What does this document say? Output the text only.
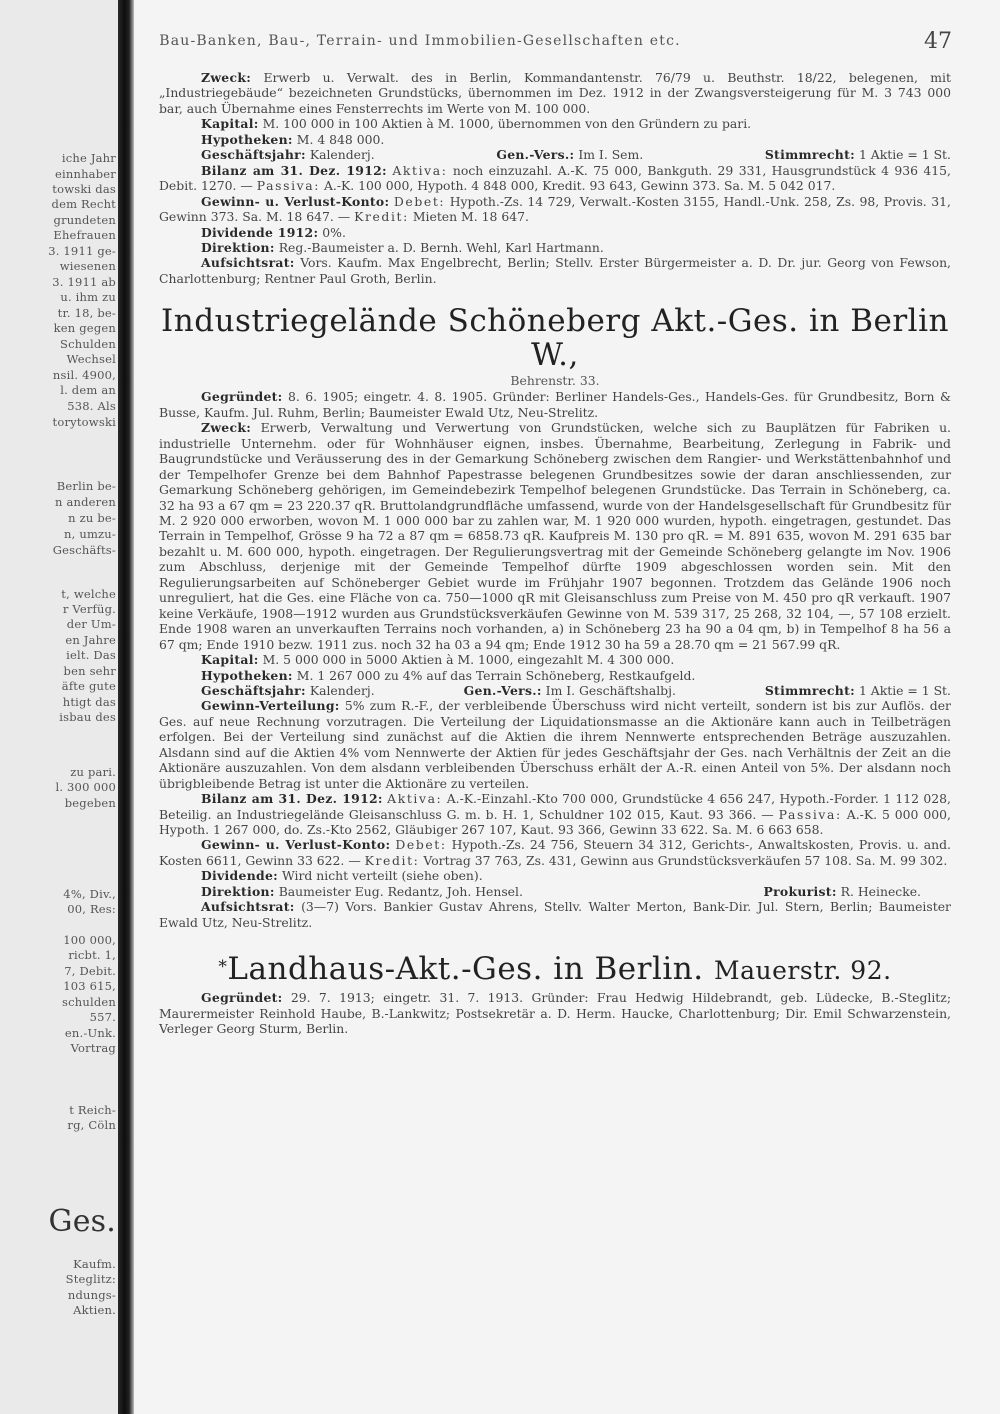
iche Jahr
einnhaber
towski das
dem Recht
grundeten
Ehefrauen
3. 1911 ge-
wiesenen
3. 1911 ab
u. ihm zu
tr. 18, be-
ken gegen
Schulden
Wechsel
nsil. 4900,
l. dem an
538. Als
torytowski
Berlin be-
n anderen
n zu be-
n, umzu-
Geschäfts-
t, welche
r Verfüg.
der Um-
en Jahre
ielt. Das
ben sehr
äfte gute
htigt das
isbau des
zu pari.
l. 300 000
begeben
4%, Div.,
00, Res:
100 000,
ricbt. 1,
7, Debit.
103 615,
schulden
557.
en.-Unk.
Vortrag
t Reich-
rg, Cöln
Ges.
Kaufm.
Steglitz:
ndungs-
Aktien.
Bau-Banken, Bau-, Terrain- und Immobilien-Gesellschaften etc.	47

Zweck: Erwerb u. Verwalt. des in Berlin, Kommandantenstr. 76/79 u. Beuthstr. 18/22, belegenen, mit „Industriegebäude“ bezeichneten Grundstücks, übernommen im Dez. 1912 in der Zwangsversteigerung für M. 3 743 000 bar, auch Übernahme eines Fensterrechts im Werte von M. 100 000.

Kapital: M. 100 000 in 100 Aktien à M. 1000, übernommen von den Gründern zu pari.

Hypotheken: M. 4 848 000.

Geschäftsjahr: Kalenderj.	Gen.-Vers.: Im I. Sem.	Stimmrecht: 1 Aktie = 1 St.

Bilanz am 31. Dez. 1912: Aktiva: noch einzuzahl. A.-K. 75 000, Bankguth. 29 331, Hausgrundstück 4 936 415, Debit. 1270. — Passiva: A.-K. 100 000, Hypoth. 4 848 000, Kredit. 93 643, Gewinn 373. Sa. M. 5 042 017.

Gewinn- u. Verlust-Konto: Debet: Hypoth.-Zs. 14 729, Verwalt.-Kosten 3155, Handl.-Unk. 258, Zs. 98, Provis. 31, Gewinn 373. Sa. M. 18 647. — Kredit: Mieten M. 18 647.

Dividende 1912: 0%.

Direktion: Reg.-Baumeister a. D. Bernh. Wehl, Karl Hartmann.

Aufsichtsrat: Vors. Kaufm. Max Engelbrecht, Berlin; Stellv. Erster Bürgermeister a. D. Dr. jur. Georg von Fewson, Charlottenburg; Rentner Paul Groth, Berlin.

Industriegelände Schöneberg Akt.-Ges. in Berlin W.,
Behrenstr. 33.

Gegründet: 8. 6. 1905; eingetr. 4. 8. 1905. Gründer: Berliner Handels-Ges., Handels-Ges. für Grundbesitz, Born & Busse, Kaufm. Jul. Ruhm, Berlin; Baumeister Ewald Utz, Neu-Strelitz.

Zweck: Erwerb, Verwaltung und Verwertung von Grundstücken, welche sich zu Bauplätzen für Fabriken u. industrielle Unternehm. oder für Wohnhäuser eignen, insbes. Übernahme, Bearbeitung, Zerlegung in Fabrik- und Baugrundstücke und Veräusserung des in der Gemarkung Schöneberg zwischen dem Rangier- und Werkstättenbahnhof und der Tempelhofer Grenze bei dem Bahnhof Papestrasse belegenen Grundbesitzes sowie der daran anschliessenden, zur Gemarkung Schöneberg gehörigen, im Gemeindebezirk Tempelhof belegenen Grundstücke. Das Terrain in Schöneberg, ca. 32 ha 93 a 67 qm = 23 220.37 qR. Bruttolandgrundfläche umfassend, wurde von der Handelsgesellschaft für Grundbesitz für M. 2 920 000 erworben, wovon M. 1 000 000 bar zu zahlen war, M. 1 920 000 wurden, hypoth. eingetragen, gestundet. Das Terrain in Tempelhof, Grösse 9 ha 72 a 87 qm = 6858.73 qR. Kaufpreis M. 130 pro qR. = M. 891 635, wovon M. 291 635 bar bezahlt u. M. 600 000, hypoth. eingetragen. Der Regulierungsvertrag mit der Gemeinde Schöneberg gelangte im Nov. 1906 zum Abschluss, derjenige mit der Gemeinde Tempelhof dürfte 1909 abgeschlossen worden sein. Mit den Regulierungsarbeiten auf Schöneberger Gebiet wurde im Frühjahr 1907 begonnen. Trotzdem das Gelände 1906 noch unreguliert, hat die Ges. eine Fläche von ca. 750—1000 qR mit Gleisanschluss zum Preise von M. 450 pro qR verkauft. 1907 keine Verkäufe, 1908—1912 wurden aus Grundstücksverkäufen Gewinne von M. 539 317, 25 268, 32 104, —, 57 108 erzielt. Ende 1908 waren an unverkauften Terrains noch vorhanden, a) in Schöneberg 23 ha 90 a 04 qm, b) in Tempelhof 8 ha 56 a 67 qm; Ende 1910 bezw. 1911 zus. noch 32 ha 03 a 94 qm; Ende 1912 30 ha 59 a 28.70 qm = 21 567.99 qR.

Kapital: M. 5 000 000 in 5000 Aktien à M. 1000, eingezahlt M. 4 300 000.

Hypotheken: M. 1 267 000 zu 4% auf das Terrain Schöneberg, Restkaufgeld.

Geschäftsjahr: Kalenderj.	Gen.-Vers.: Im I. Geschäftshalbj.	Stimmrecht: 1 Aktie = 1 St.

Gewinn-Verteilung: 5% zum R.-F., der verbleibende Überschuss wird nicht verteilt, sondern ist bis zur Auflös. der Ges. auf neue Rechnung vorzutragen. Die Verteilung der Liquidationsmasse an die Aktionäre kann auch in Teilbeträgen erfolgen. Bei der Verteilung sind zunächst auf die Aktien die ihrem Nennwerte entsprechenden Beträge auszuzahlen. Alsdann sind auf die Aktien 4% vom Nennwerte der Aktien für jedes Geschäftsjahr der Ges. nach Verhältnis der Zeit an die Aktionäre auszuzahlen. Von dem alsdann verbleibenden Überschuss erhält der A.-R. einen Anteil von 5%. Der alsdann noch übrigbleibende Betrag ist unter die Aktionäre zu verteilen.

Bilanz am 31. Dez. 1912: Aktiva: A.-K.-Einzahl.-Kto 700 000, Grundstücke 4 656 247, Hypoth.-Forder. 1 112 028, Beteilig. an Industriegelände Gleisanschluss G. m. b. H. 1, Schuldner 102 015, Kaut. 93 366. — Passiva: A.-K. 5 000 000, Hypoth. 1 267 000, do. Zs.-Kto 2562, Gläubiger 267 107, Kaut. 93 366, Gewinn 33 622. Sa. M. 6 663 658.

Gewinn- u. Verlust-Konto: Debet: Hypoth.-Zs. 24 756, Steuern 34 312, Gerichts-, Anwaltskosten, Provis. u. and. Kosten 6611, Gewinn 33 622. — Kredit: Vortrag 37 763, Zs. 431, Gewinn aus Grundstücksverkäufen 57 108. Sa. M. 99 302.

Dividende: Wird nicht verteilt (siehe oben).

Direktion: Baumeister Eug. Redantz, Joh. Hensel.	Prokurist: R. Heinecke.

Aufsichtsrat: (3—7) Vors. Bankier Gustav Ahrens, Stellv. Walter Merton, Bank-Dir. Jul. Stern, Berlin; Baumeister Ewald Utz, Neu-Strelitz.

*Landhaus-Akt.-Ges. in Berlin. Mauerstr. 92.

Gegründet: 29. 7. 1913; eingetr. 31. 7. 1913. Gründer: Frau Hedwig Hildebrandt, geb. Lüdecke, B.-Steglitz; Maurermeister Reinhold Haube, B.-Lankwitz; Postsekretär a. D. Herm. Haucke, Charlottenburg; Dir. Emil Schwarzenstein, Verleger Georg Sturm, Berlin.
